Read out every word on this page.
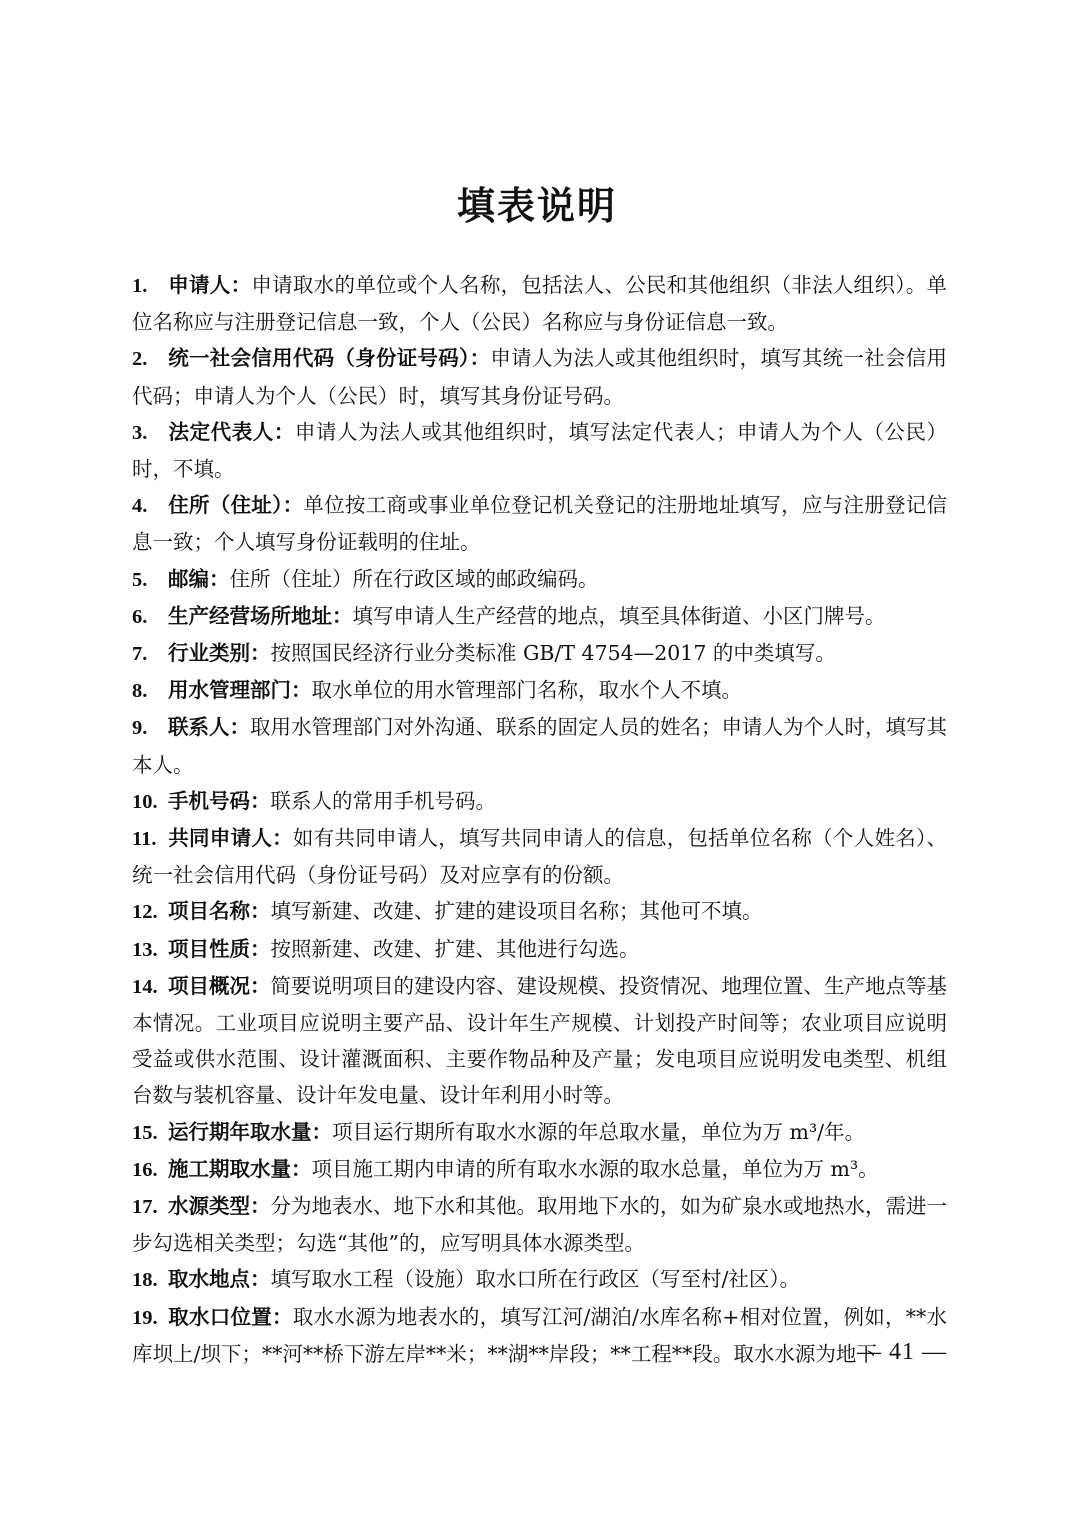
填表说明

1. 申请人：申请取水的单位或个人名称，包括法人、公民和其他组织（非法人组织）。单位名称应与注册登记信息一致，个人（公民）名称应与身份证信息一致。

2. 统一社会信用代码（身份证号码）：申请人为法人或其他组织时，填写其统一社会信用代码；申请人为个人（公民）时，填写其身份证号码。

3. 法定代表人：申请人为法人或其他组织时，填写法定代表人；申请人为个人（公民）时，不填。

4. 住所（住址）：单位按工商或事业单位登记机关登记的注册地址填写，应与注册登记信息一致；个人填写身份证载明的住址。

5. 邮编：住所（住址）所在行政区域的邮政编码。

6. 生产经营场所地址：填写申请人生产经营的地点，填至具体街道、小区门牌号。

7. 行业类别：按照国民经济行业分类标准 GB/T 4754—2017 的中类填写。

8. 用水管理部门：取水单位的用水管理部门名称，取水个人不填。

9. 联系人：取用水管理部门对外沟通、联系的固定人员的姓名；申请人为个人时，填写其本人。

10. 手机号码：联系人的常用手机号码。

11. 共同申请人：如有共同申请人，填写共同申请人的信息，包括单位名称（个人姓名）、统一社会信用代码（身份证号码）及对应享有的份额。

12. 项目名称：填写新建、改建、扩建的建设项目名称；其他可不填。

13. 项目性质：按照新建、改建、扩建、其他进行勾选。

14. 项目概况：简要说明项目的建设内容、建设规模、投资情况、地理位置、生产地点等基本情况。工业项目应说明主要产品、设计年生产规模、计划投产时间等；农业项目应说明受益或供水范围、设计灌溉面积、主要作物品种及产量；发电项目应说明发电类型、机组台数与装机容量、设计年发电量、设计年利用小时等。

15. 运行期年取水量：项目运行期所有取水水源的年总取水量，单位为万 m³/年。

16. 施工期取水量：项目施工期内申请的所有取水水源的取水总量，单位为万 m³。

17. 水源类型：分为地表水、地下水和其他。取用地下水的，如为矿泉水或地热水，需进一步勾选相关类型；勾选“其他”的，应写明具体水源类型。

18. 取水地点：填写取水工程（设施）取水口所在行政区（写至村/社区）。

19. 取水口位置：取水水源为地表水的，填写江河/湖泊/水库名称+相对位置，例如，**水库坝上/坝下；**河**桥下游左岸**米；**湖**岸段；**工程**段。取水水源为地下

— 41 —
